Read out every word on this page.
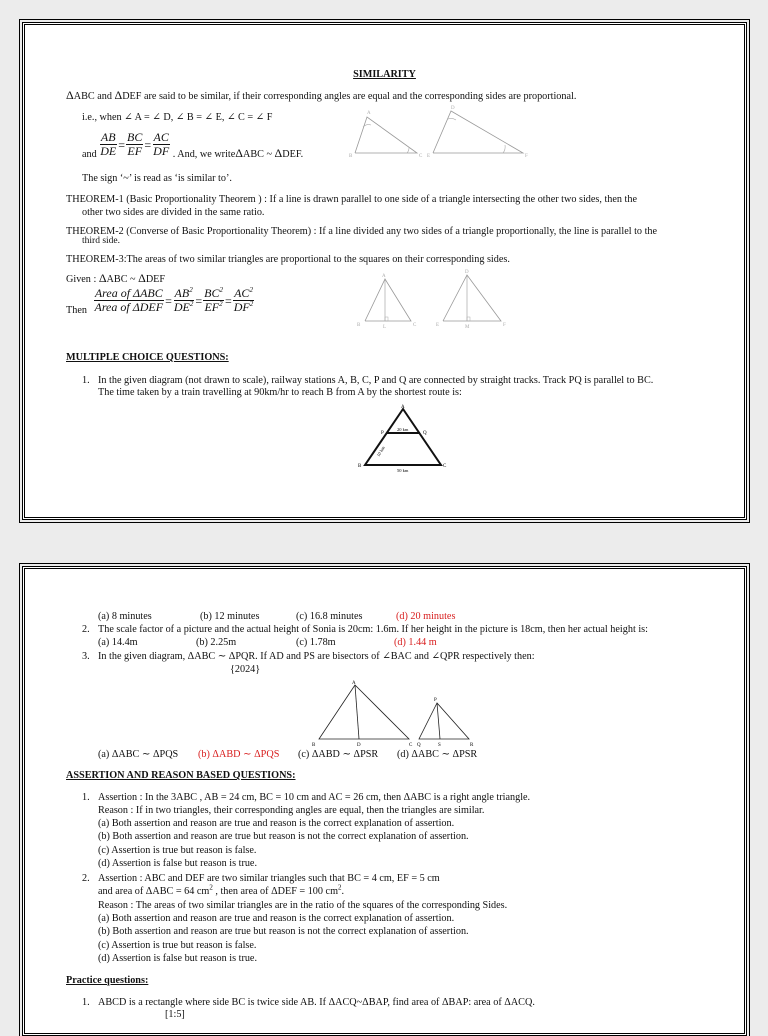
SIMILARITY
ΔABC and ΔDEF are said to be similar, if their corresponding angles are equal and the corresponding sides are proportional.
i.e., when ∠ A = ∠ D, ∠ B = ∠ E, ∠ C = ∠ F
and $\frac{AB}{DE} = \frac{BC}{EF} = \frac{AC}{DF}$ . And, we writeΔABC ~ ΔDEF.
A
B	C
D
E	F
The sign ‘~’ is read as ‘is similar to’.
THEOREM-1 (Basic Proportionality Theorem ) : If a line is drawn parallel to one side of a triangle intersecting the other two sides, then the
other two sides are divided in the same ratio.
THEOREM-2 (Converse of Basic Proportionality Theorem) : If a line divided any two sides of a triangle proportionally, the line is parallel to the
third side.
THEOREM-3:The areas of two similar triangles are proportional to the squares on their corresponding sides.
Given : ΔABC ~ ΔDEF
Then $\frac{\text{Area of ΔABC}}{\text{Area of ΔDEF}} = \frac{AB^2}{DE^2} = \frac{BC^2}{EF^2} = \frac{AC^2}{DF^2}$
A
B	C
L
D
E	F
M
MULTIPLE CHOICE QUESTIONS:
1. In the given diagram (not drawn to scale), railway stations A, B, C, P and Q are connected by straight tracks. Track PQ is parallel to BC.
The time taken by a train travelling at 90km/hr to reach B from A by the shortest route is:
A
B	C
P	Q
20 km
50 km
10 km
(a) 8 minutes	(b) 12 minutes	(c) 16.8 minutes	(d) 20 minutes
2. The scale factor of a picture and the actual height of Sonia is 20cm: 1.6m. If her height in the picture is 18cm, then her actual height is:
(a) 14.4m	(b) 2.25m	(c) 1.78m	(d) 1.44 m
3. In the given diagram, ΔABC ∼ ΔPQR. If AD and PS are bisectors of ∠BAC and ∠QPR respectively then:
{2024}
A
B	D	C
P
Q	S	R
(a) ΔABC ∼ ΔPQS (b) ΔABD ∼ ΔPQS (c) ΔABD ∼ ΔPSR (d) ΔABC ∼ ΔPSR
ASSERTION AND REASON BASED QUESTIONS:
1. Assertion : In the 3ABC , AB = 24 cm, BC = 10 cm and AC = 26 cm, then ΔABC is a right angle triangle.
Reason : If in two triangles, their corresponding angles are equal, then the triangles are similar.
(a) Both assertion and reason are true and reason is the correct explanation of assertion.
(b) Both assertion and reason are true but reason is not the correct explanation of assertion.
(c) Assertion is true but reason is false.
(d) Assertion is false but reason is true.
2. Assertion : ABC and DEF are two similar triangles such that BC = 4 cm, EF = 5 cm
and area of ΔABC = 64 $cm^2$ , then area of ΔDEF = 100 $cm^2$.
Reason : The areas of two similar triangles are in the ratio of the squares of the corresponding Sides.
(a) Both assertion and reason are true and reason is the correct explanation of assertion.
(b) Both assertion and reason are true but reason is not the correct explanation of assertion.
(c) Assertion is true but reason is false.
(d) Assertion is false but reason is true.
Practice questions:
1. ABCD is a rectangle where side BC is twice side AB. If ΔACQ~ΔBAP, find area of ΔBAP: area of ΔACQ.
[1:5]
